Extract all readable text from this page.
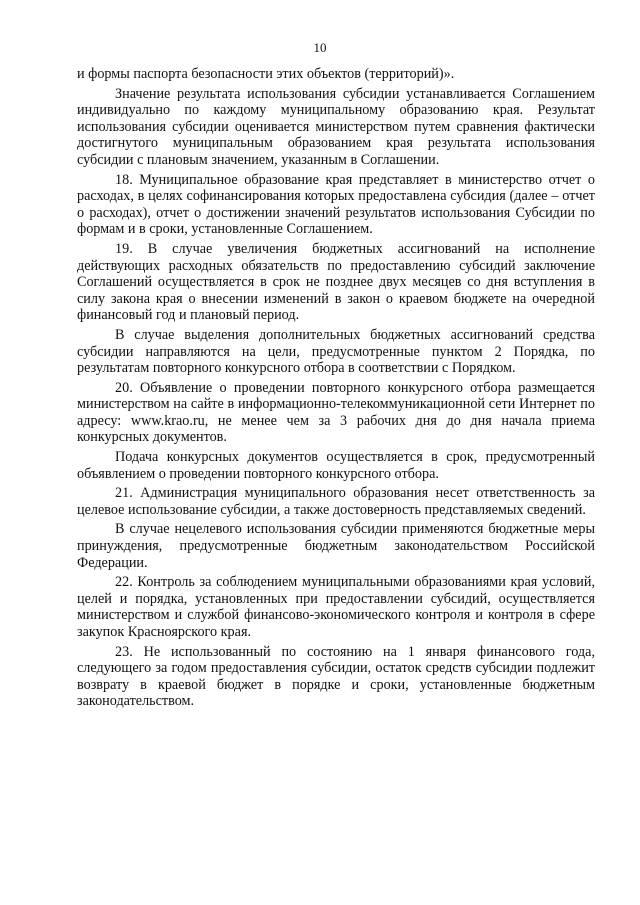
10

и формы паспорта безопасности этих объектов (территорий)».

Значение результата использования субсидии устанавливается Соглашением индивидуально по каждому муниципальному образованию края. Результат использования субсидии оценивается министерством путем сравнения фактически достигнутого муниципальным образованием края результата использования субсидии с плановым значением, указанным в Соглашении.

18. Муниципальное образование края представляет в министерство отчет о расходах, в целях софинансирования которых предоставлена субсидия (далее – отчет о расходах), отчет о достижении значений результатов использования Субсидии по формам и в сроки, установленные Соглашением.

19. В случае увеличения бюджетных ассигнований на исполнение действующих расходных обязательств по предоставлению субсидий заключение Соглашений осуществляется в срок не позднее двух месяцев со дня вступления в силу закона края о внесении изменений в закон о краевом бюджете на очередной финансовый год и плановый период.

В случае выделения дополнительных бюджетных ассигнований средства субсидии направляются на цели, предусмотренные пунктом 2 Порядка, по результатам повторного конкурсного отбора в соответствии с Порядком.

20. Объявление о проведении повторного конкурсного отбора размещается министерством на сайте в информационно-телекоммуникационной сети Интернет по адресу: www.krao.ru, не менее чем за 3 рабочих дня до дня начала приема конкурсных документов.

Подача конкурсных документов осуществляется в срок, предусмотренный объявлением о проведении повторного конкурсного отбора.

21. Администрация муниципального образования несет ответственность за целевое использование субсидии, а также достоверность представляемых сведений.

В случае нецелевого использования субсидии применяются бюджетные меры принуждения, предусмотренные бюджетным законодательством Российской Федерации.

22. Контроль за соблюдением муниципальными образованиями края условий, целей и порядка, установленных при предоставлении субсидий, осуществляется министерством и службой финансово-экономического контроля и контроля в сфере закупок Красноярского края.

23. Не использованный по состоянию на 1 января финансового года, следующего за годом предоставления субсидии, остаток средств субсидии подлежит возврату в краевой бюджет в порядке и сроки, установленные бюджетным законодательством.
